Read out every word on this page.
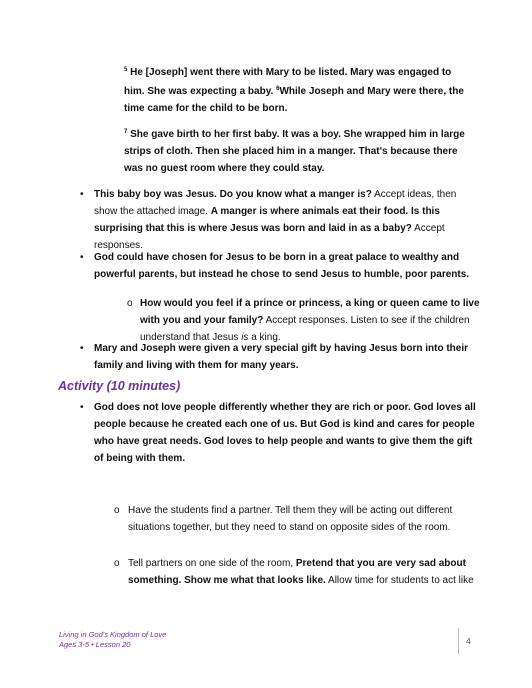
$^5$ He [Joseph] went there with Mary to be listed. Mary was engaged to him. She was expecting a baby. $^6$While Joseph and Mary were there, the time came for the child to be born.

$^7$ She gave birth to her first baby. It was a boy. She wrapped him in large strips of cloth. Then she placed him in a manger. That's because there was no guest room where they could stay.

• This baby boy was Jesus. Do you know what a manger is? Accept ideas, then show the attached image. A manger is where animals eat their food. Is this surprising that this is where Jesus was born and laid in as a baby? Accept responses.

• God could have chosen for Jesus to be born in a great palace to wealthy and powerful parents, but instead he chose to send Jesus to humble, poor parents.

o How would you feel if a prince or princess, a king or queen came to live with you and your family? Accept responses. Listen to see if the children understand that Jesus is a king.

• Mary and Joseph were given a very special gift by having Jesus born into their family and living with them for many years.

Activity (10 minutes)
• God does not love people differently whether they are rich or poor. God loves all people because he created each one of us. But God is kind and cares for people who have great needs. God loves to help people and wants to give them the gift of being with them.

o Have the students find a partner. Tell them they will be acting out different situations together, but they need to stand on opposite sides of the room.

o Tell partners on one side of the room, Pretend that you are very sad about something. Show me what that looks like. Allow time for students to act like

Living in God's Kingdom of Love
Ages 3-5 • Lesson 20	4
